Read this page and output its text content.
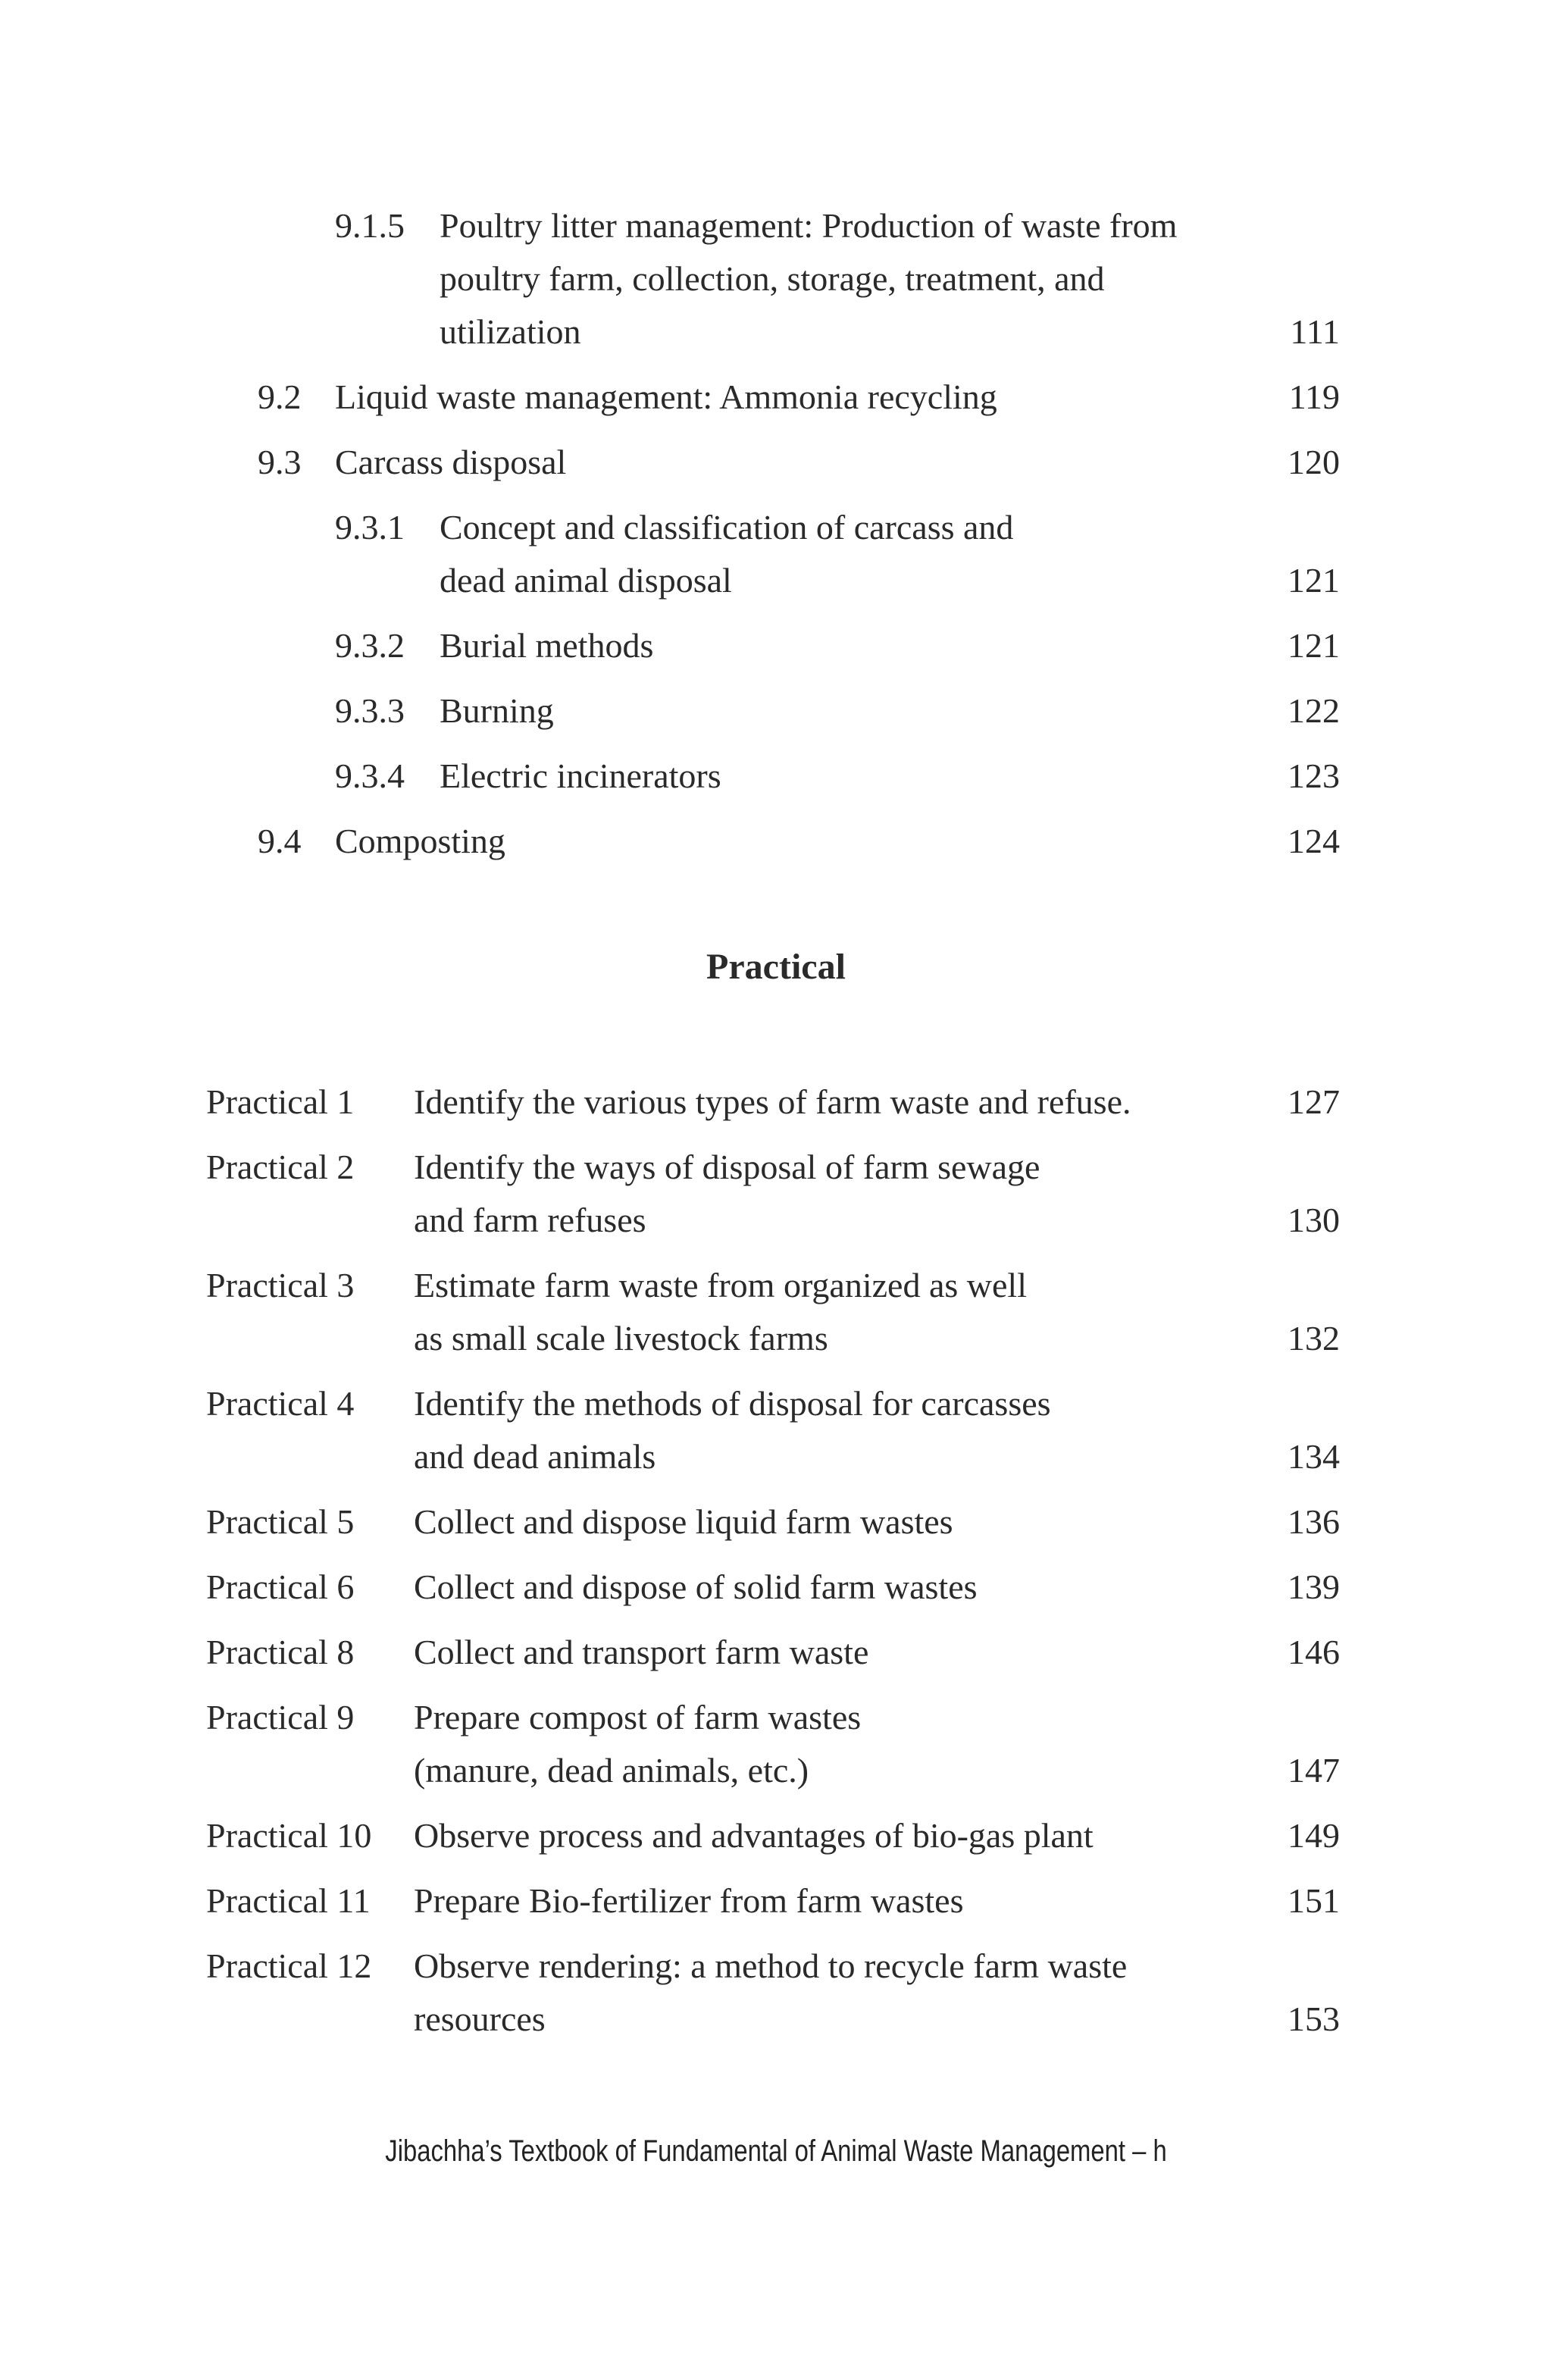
9.1.5 Poultry litter management: Production of waste from
poultry farm, collection, storage, treatment, and
utilization	111
9.2 Liquid waste management: Ammonia recycling	119
9.3 Carcass disposal	120
9.3.1 Concept and classification of carcass and
dead animal disposal	121
9.3.2 Burial methods	121
9.3.3 Burning	122
9.3.4 Electric incinerators	123
9.4 Composting	124
Practical
Practical 1 Identify the various types of farm waste and refuse.	127
Practical 2 Identify the ways of disposal of farm sewage
and farm refuses	130
Practical 3 Estimate farm waste from organized as well
as small scale livestock farms	132
Practical 4 Identify the methods of disposal for carcasses
and dead animals	134
Practical 5 Collect and dispose liquid farm wastes	136
Practical 6 Collect and dispose of solid farm wastes	139
Practical 8 Collect and transport farm waste	146
Practical 9 Prepare compost of farm wastes
(manure, dead animals, etc.)	147
Practical 10 Observe process and advantages of bio-gas plant	149
Practical 11 Prepare Bio-fertilizer from farm wastes	151
Practical 12 Observe rendering: a method to recycle farm waste
resources	153
Jibachha’s Textbook of Fundamental of Animal Waste Management – h
